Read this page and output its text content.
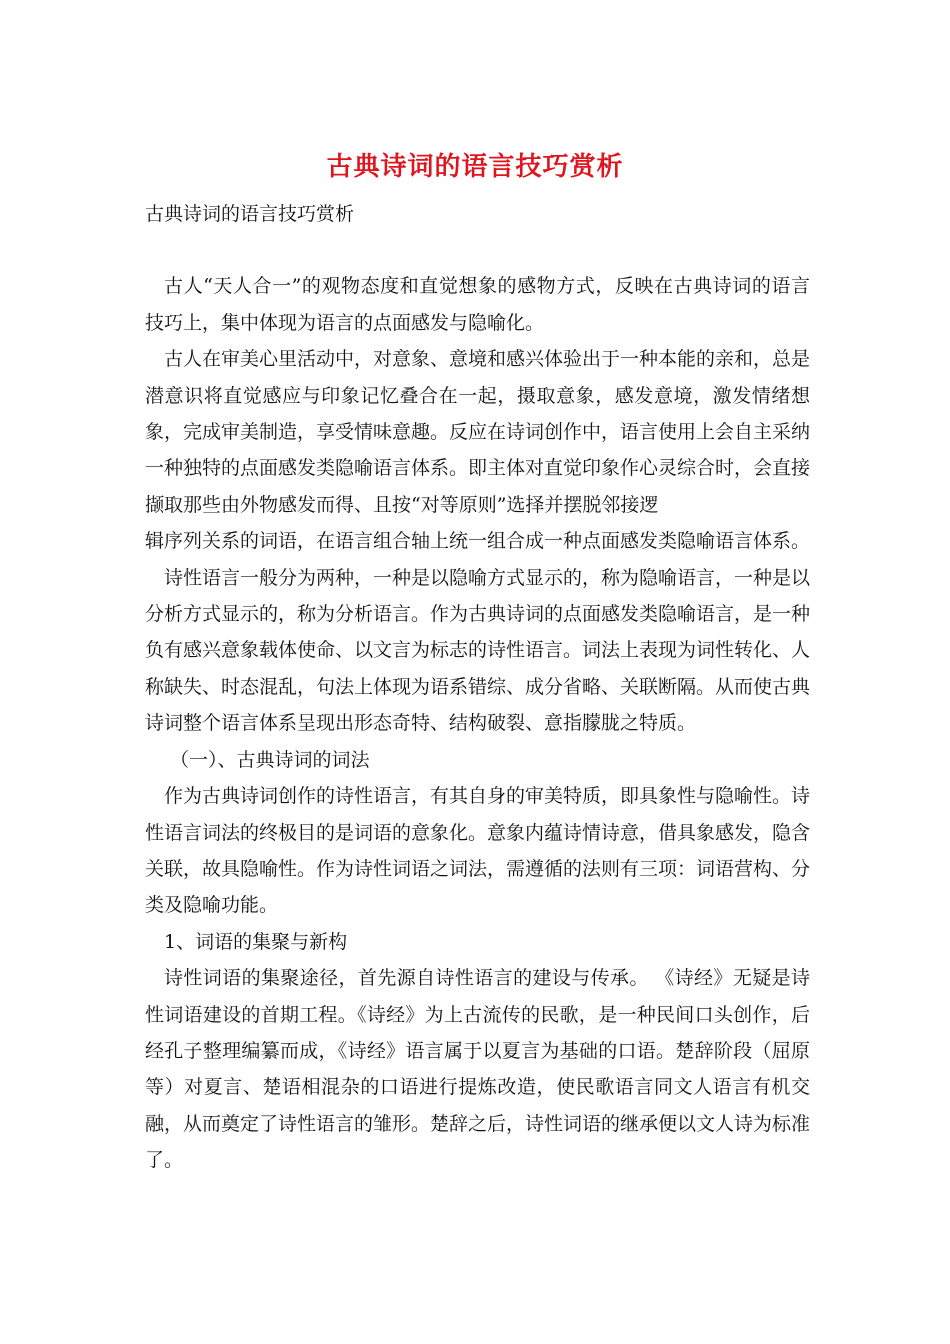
古典诗词的语言技巧赏析

古典诗词的语言技巧赏析

古人“天人合一”的观物态度和直觉想象的感物方式，反映在古典诗词的语言技巧上，集中体现为语言的点面感发与隐喻化。

古人在审美心里活动中，对意象、意境和感兴体验出于一种本能的亲和，总是潜意识将直觉感应与印象记忆叠合在一起，摄取意象，感发意境，激发情绪想象，完成审美制造，享受情味意趣。反应在诗词创作中，语言使用上会自主采纳一种独特的点面感发类隐喻语言体系。即主体对直觉印象作心灵综合时，会直接撷取那些由外物感发而得、且按“对等原则”选择并摆脱邻接逻

辑序列关系的词语，在语言组合轴上统一组合成一种点面感发类隐喻语言体系。

诗性语言一般分为两种，一种是以隐喻方式显示的，称为隐喻语言，一种是以分析方式显示的，称为分析语言。作为古典诗词的点面感发类隐喻语言，是一种负有感兴意象载体使命、以文言为标志的诗性语言。词法上表现为词性转化、人称缺失、时态混乱，句法上体现为语系错综、成分省略、关联断隔。从而使古典诗词整个语言体系呈现出形态奇特、结构破裂、意指朦胧之特质。

（一）、古典诗词的词法

作为古典诗词创作的诗性语言，有其自身的审美特质，即具象性与隐喻性。诗性语言词法的终极目的是词语的意象化。意象内蕴诗情诗意，借具象感发，隐含关联，故具隐喻性。作为诗性词语之词法，需遵循的法则有三项：词语营构、分类及隐喻功能。

1、词语的集聚与新构

诗性词语的集聚途径，首先源自诗性语言的建设与传承。 《诗经》无疑是诗性词语建设的首期工程。《诗经》为上古流传的民歌，是一种民间口头创作，后经孔子整理编纂而成，《诗经》语言属于以夏言为基础的口语。楚辞阶段（屈原等）对夏言、楚语相混杂的口语进行提炼改造，使民歌语言同文人语言有机交融，从而奠定了诗性语言的雏形。楚辞之后，诗性词语的继承便以文人诗为标准了。
